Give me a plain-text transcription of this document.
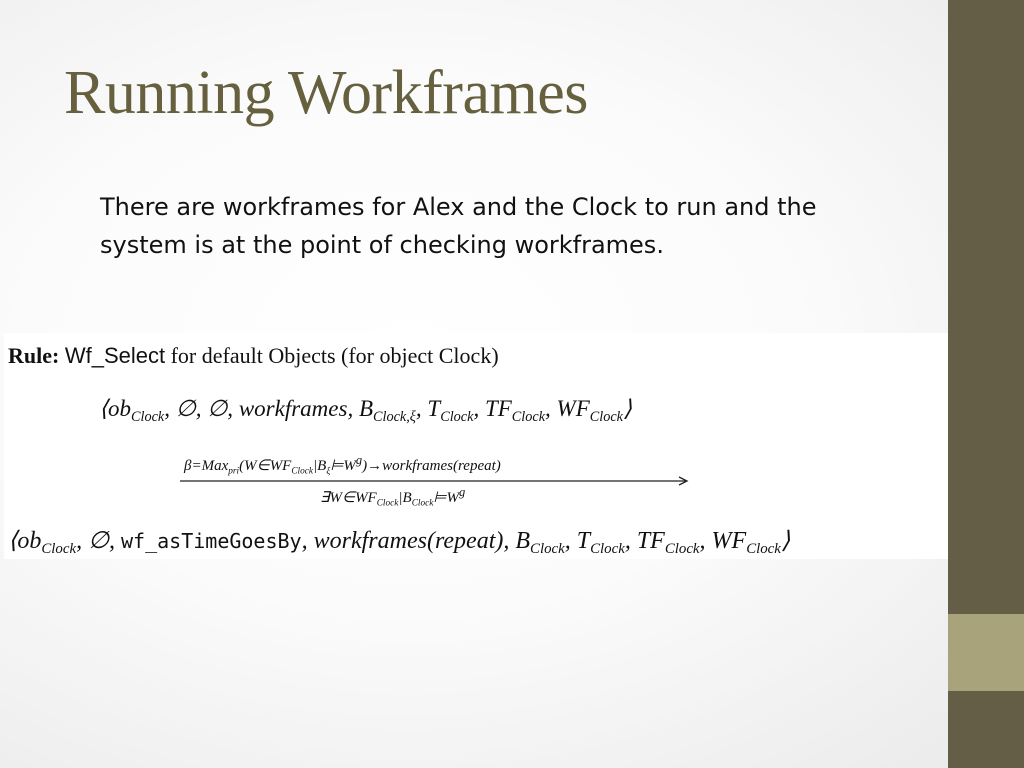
Running Workframes

There are workframes for Alex and the Clock to run and the system is at the point of checking workframes.

Rule: Wf_Select for default Objects (for object Clock)
$⟨ob_{Clock}$, ∅, ∅, workframes, $B_{Clock,\xi}$, $T_{Clock}$, $TF_{Clock}$, $WF_{Clock}⟩$
$\beta=Max_{pri}(W\in WF_{Clock}|B_\xi⊨W^g)\to workframes(repeat)$
$\exists W\in WF_{Clock}|B_{Clock}⊨W^g$
$⟨ob_{Clock}$, ∅, wf_asTimeGoesBy, workframes(repeat), $B_{Clock}$, $T_{Clock}$, $TF_{Clock}$, $WF_{Clock}⟩$
